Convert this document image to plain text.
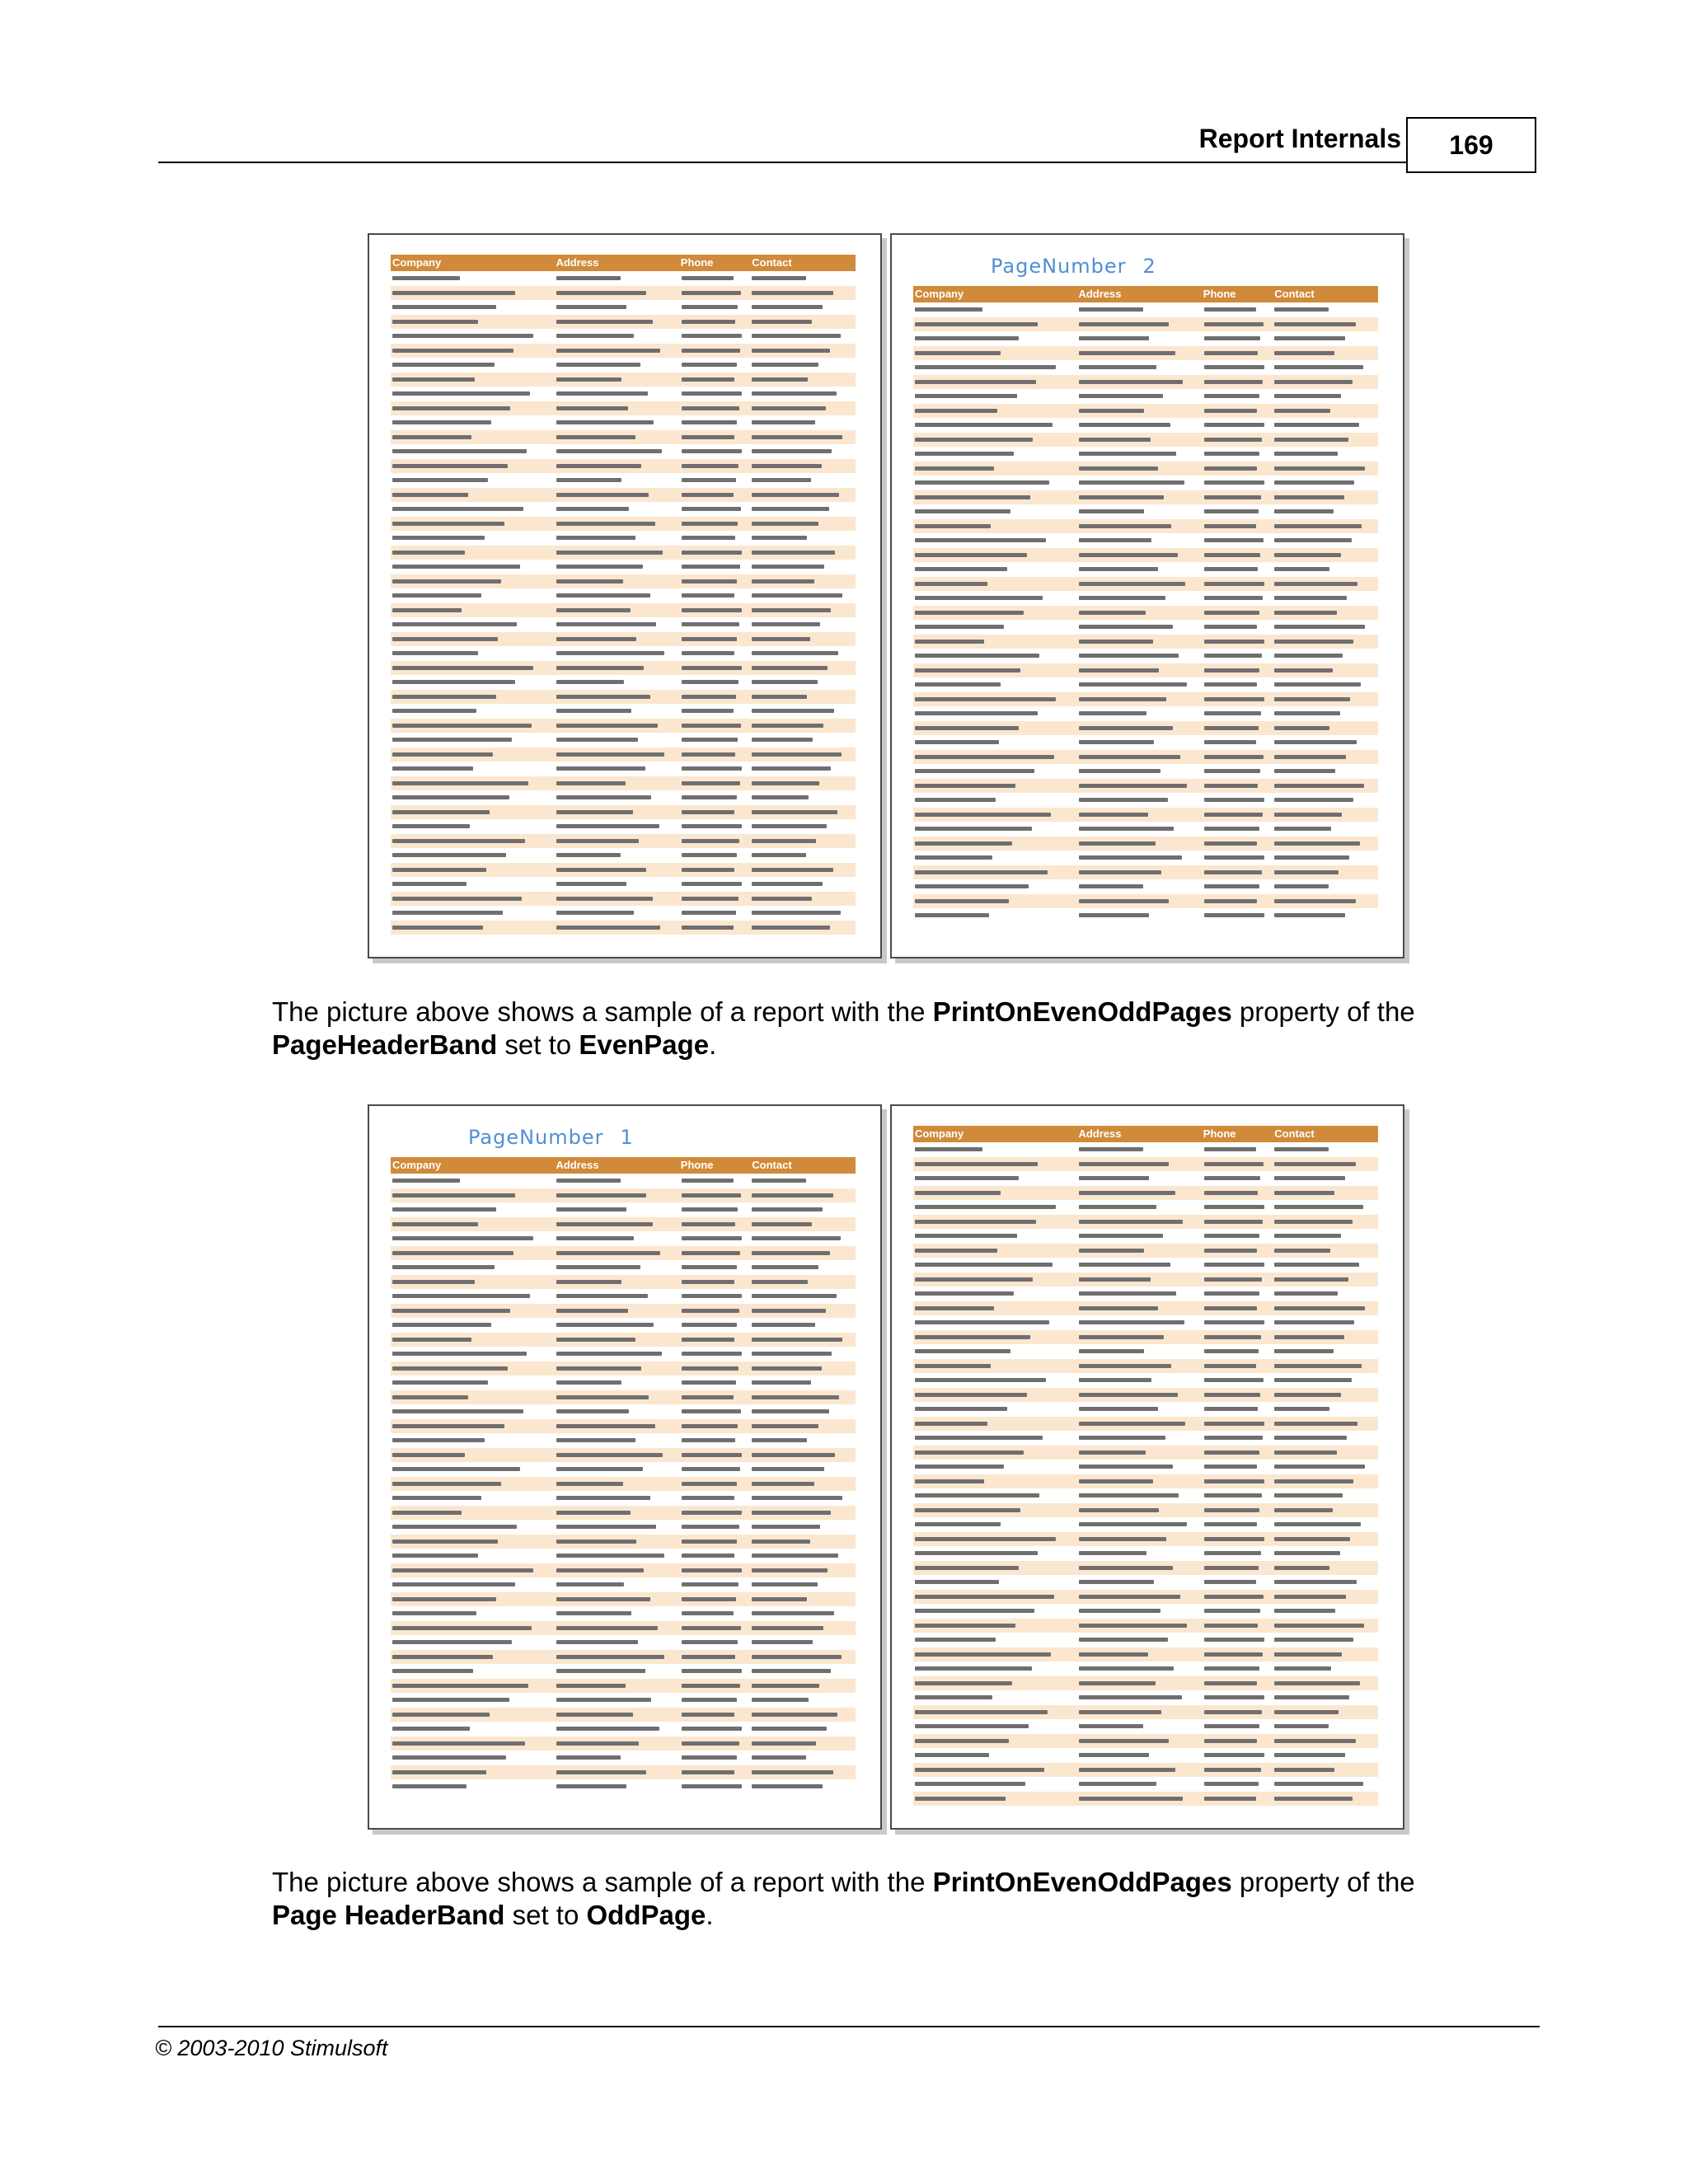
Report Internals	169
Company	Address	Phone	Contact	PageNumber 2
Company	Address	Phone	Contact
The picture above shows a sample of a report with the PrintOnEvenOddPages property of the PageHeaderBand set to EvenPage.
PageNumber 1
Company	Address	Phone	Contact
Company	Address	Phone	Contact
The picture above shows a sample of a report with the PrintOnEvenOddPages property of the Page HeaderBand set to OddPage.
© 2003-2010 Stimulsoft
